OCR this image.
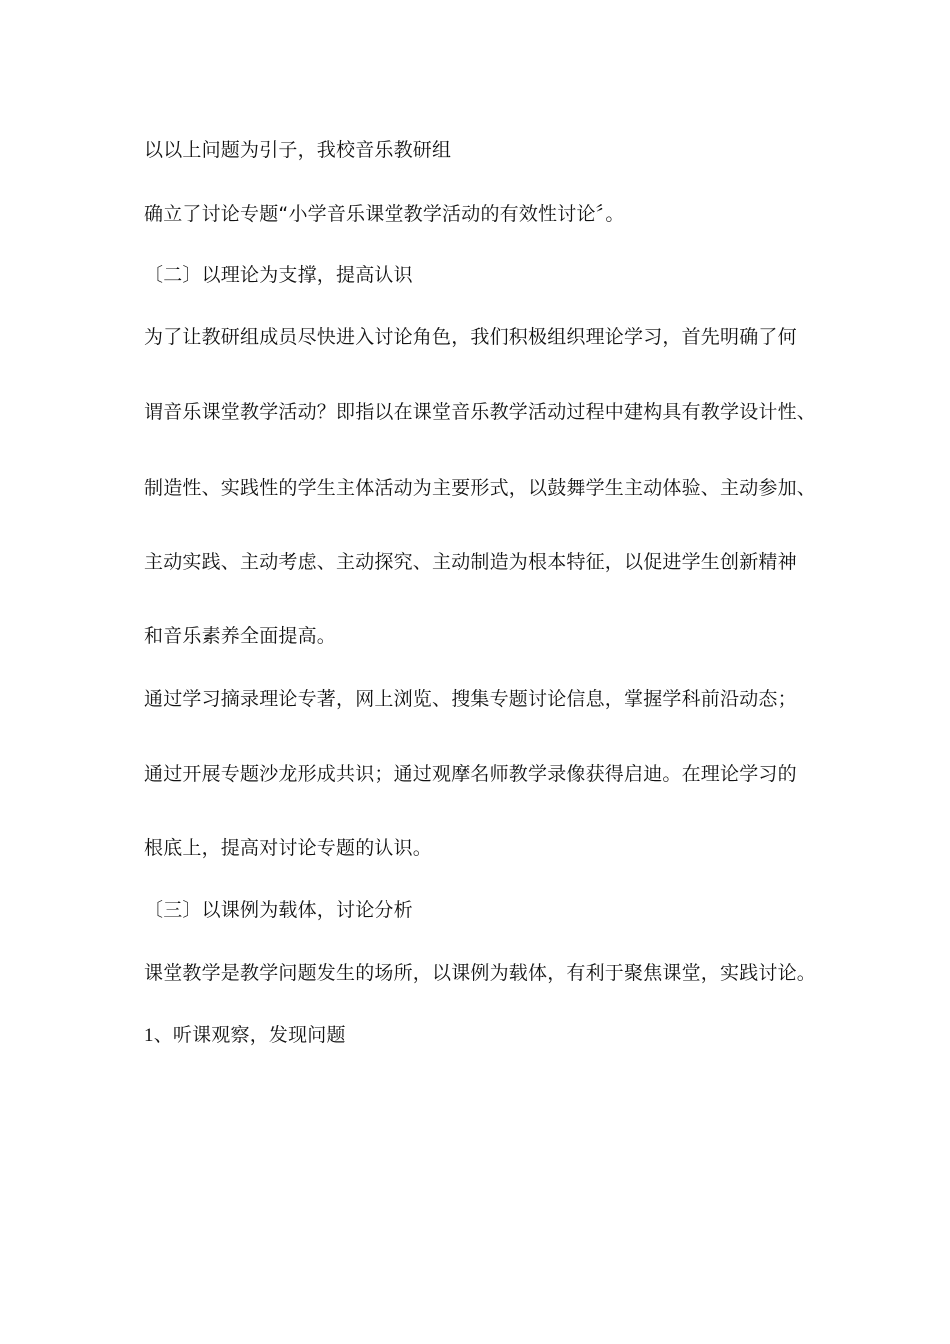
以以上问题为引子，我校音乐教研组
确立了讨论专题“小学音乐课堂教学活动的有效性讨论〞。
〔二〕以理论为支撑，提高认识
为了让教研组成员尽快进入讨论角色，我们积极组织理论学习，首先明确了何
谓音乐课堂教学活动？即指以在课堂音乐教学活动过程中建构具有教学设计性、
制造性、实践性的学生主体活动为主要形式，以鼓舞学生主动体验、主动参加、
主动实践、主动考虑、主动探究、主动制造为根本特征，以促进学生创新精神
和音乐素养全面提高。
通过学习摘录理论专著，网上浏览、搜集专题讨论信息，掌握学科前沿动态；
通过开展专题沙龙形成共识；通过观摩名师教学录像获得启迪。在理论学习的
根底上，提高对讨论专题的认识。
〔三〕以课例为载体，讨论分析
课堂教学是教学问题发生的场所，以课例为载体，有利于聚焦课堂，实践讨论。
1、听课观察，发现问题
